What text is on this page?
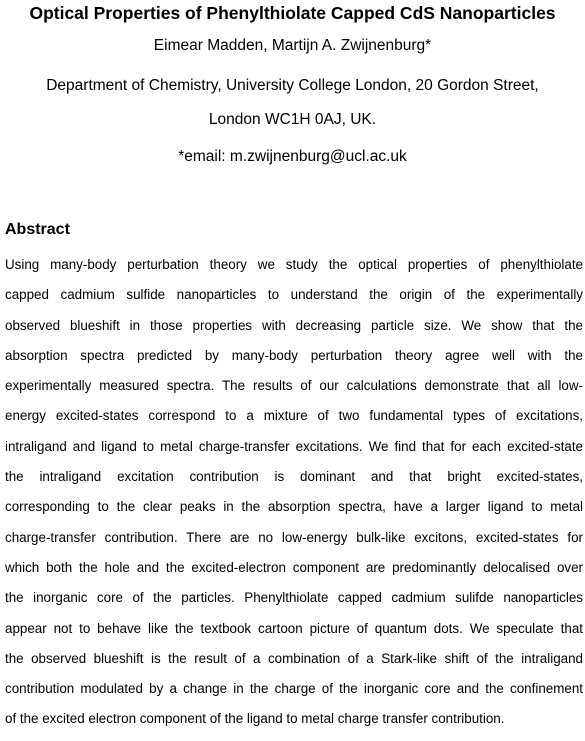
Optical Properties of Phenylthiolate Capped CdS Nanoparticles
Eimear Madden, Martijn A. Zwijnenburg*
Department of Chemistry, University College London, 20 Gordon Street,
London WC1H 0AJ, UK.
*email: m.zwijnenburg@ucl.ac.uk
Abstract
Using many-body perturbation theory we study the optical properties of phenylthiolate
capped cadmium sulfide nanoparticles to understand the origin of the experimentally
observed blueshift in those properties with decreasing particle size. We show that the
absorption spectra predicted by many-body perturbation theory agree well with the
experimentally measured spectra. The results of our calculations demonstrate that all low-
energy excited-states correspond to a mixture of two fundamental types of excitations,
intraligand and ligand to metal charge-transfer excitations. We find that for each excited-state
the intraligand excitation contribution is dominant and that bright excited-states,
corresponding to the clear peaks in the absorption spectra, have a larger ligand to metal
charge-transfer contribution. There are no low-energy bulk-like excitons, excited-states for
which both the hole and the excited-electron component are predominantly delocalised over
the inorganic core of the particles. Phenylthiolate capped cadmium sulifde nanoparticles
appear not to behave like the textbook cartoon picture of quantum dots. We speculate that
the observed blueshift is the result of a combination of a Stark-like shift of the intraligand
contribution modulated by a change in the charge of the inorganic core and the confinement
of the excited electron component of the ligand to metal charge transfer contribution.
